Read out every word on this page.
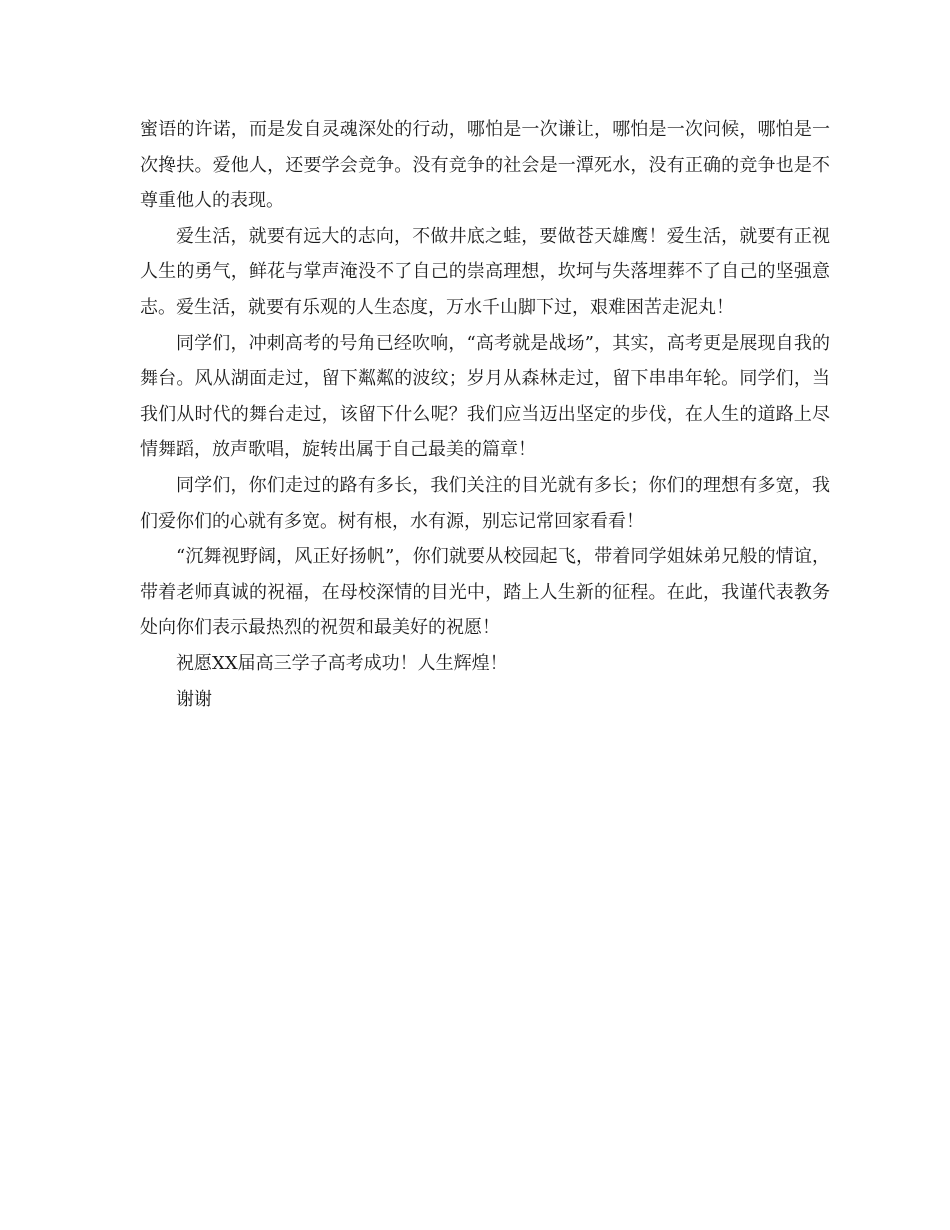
蜜语的许诺，而是发自灵魂深处的行动，哪怕是一次谦让，哪怕是一次问候，哪怕是一次搀扶。爱他人，还要学会竞争。没有竞争的社会是一潭死水，没有正确的竞争也是不尊重他人的表现。

爱生活，就要有远大的志向，不做井底之蛙，要做苍天雄鹰！爱生活，就要有正视人生的勇气，鲜花与掌声淹没不了自己的崇高理想，坎坷与失落埋葬不了自己的坚强意志。爱生活，就要有乐观的人生态度，万水千山脚下过，艰难困苦走泥丸！

同学们，冲刺高考的号角已经吹响，“高考就是战场”，其实，高考更是展现自我的舞台。风从湖面走过，留下粼粼的波纹；岁月从森林走过，留下串串年轮。同学们，当我们从时代的舞台走过，该留下什么呢？我们应当迈出坚定的步伐，在人生的道路上尽情舞蹈，放声歌唱，旋转出属于自己最美的篇章！

同学们，你们走过的路有多长，我们关注的目光就有多长；你们的理想有多宽，我们爱你们的心就有多宽。树有根，水有源，别忘记常回家看看！

“沉舞视野阔，风正好扬帆”，你们就要从校园起飞，带着同学姐妹弟兄般的情谊，带着老师真诚的祝福，在母校深情的目光中，踏上人生新的征程。在此，我谨代表教务处向你们表示最热烈的祝贺和最美好的祝愿！

祝愿XX届高三学子高考成功！人生辉煌！

谢谢
